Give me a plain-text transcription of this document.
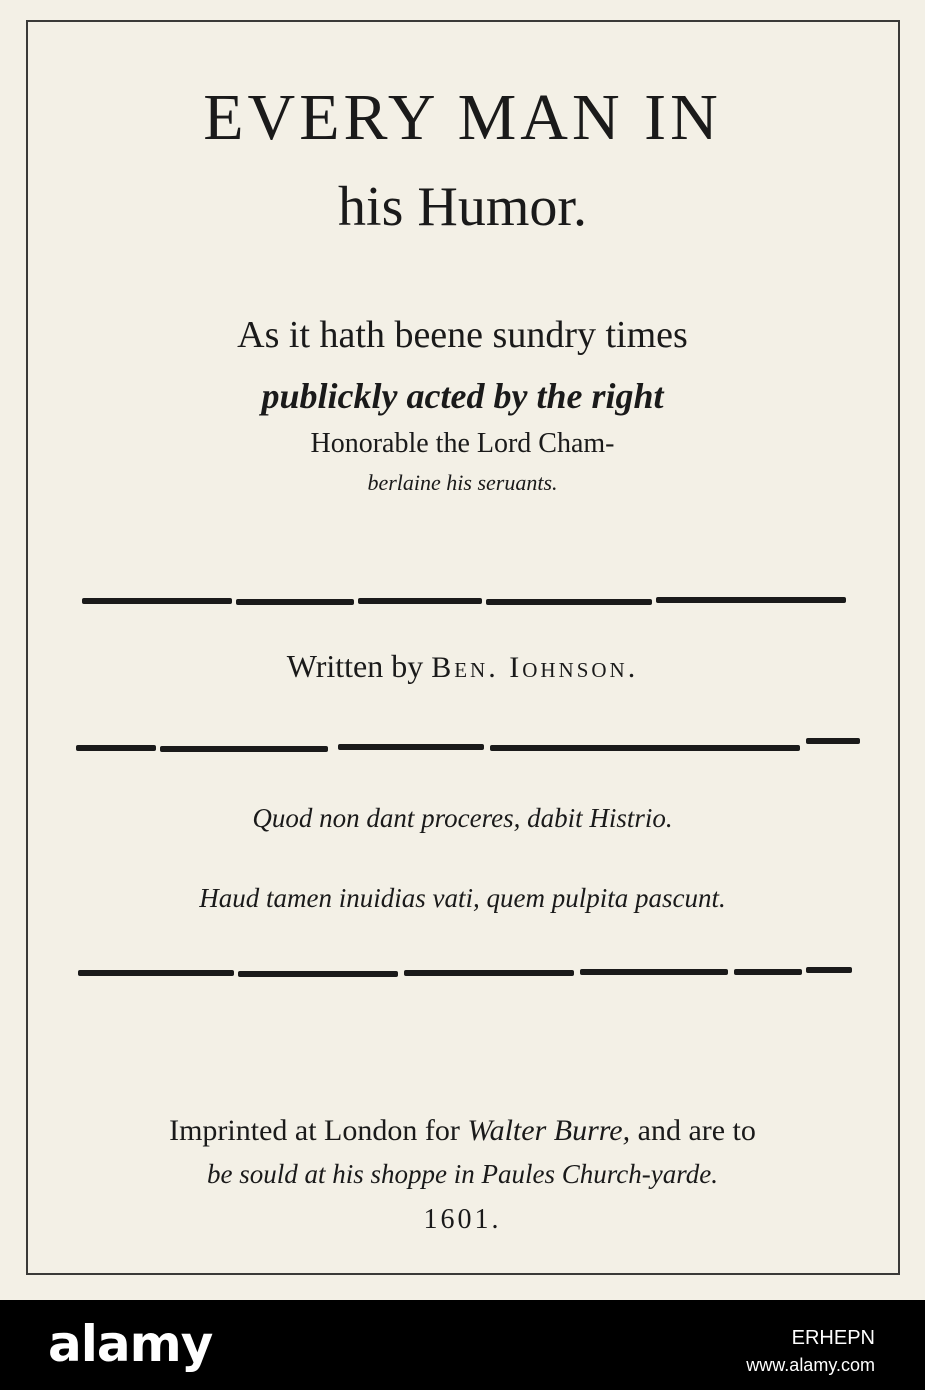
EVERY MAN IN
his Humor.
As it hath beene sundry times
publickly acted by the right
Honorable the Lord Cham-
berlaine his seruants.
Written by Ben. Iohnson.
Quod non dant proceres, dabit Histrio.
Haud tamen inuidias vati, quem pulpita pascunt.
Imprinted at London for Walter Burre, and are to
be sould at his shoppe in Paules Church-yarde.
1601.
alamy	ERHEPN
www.alamy.com
